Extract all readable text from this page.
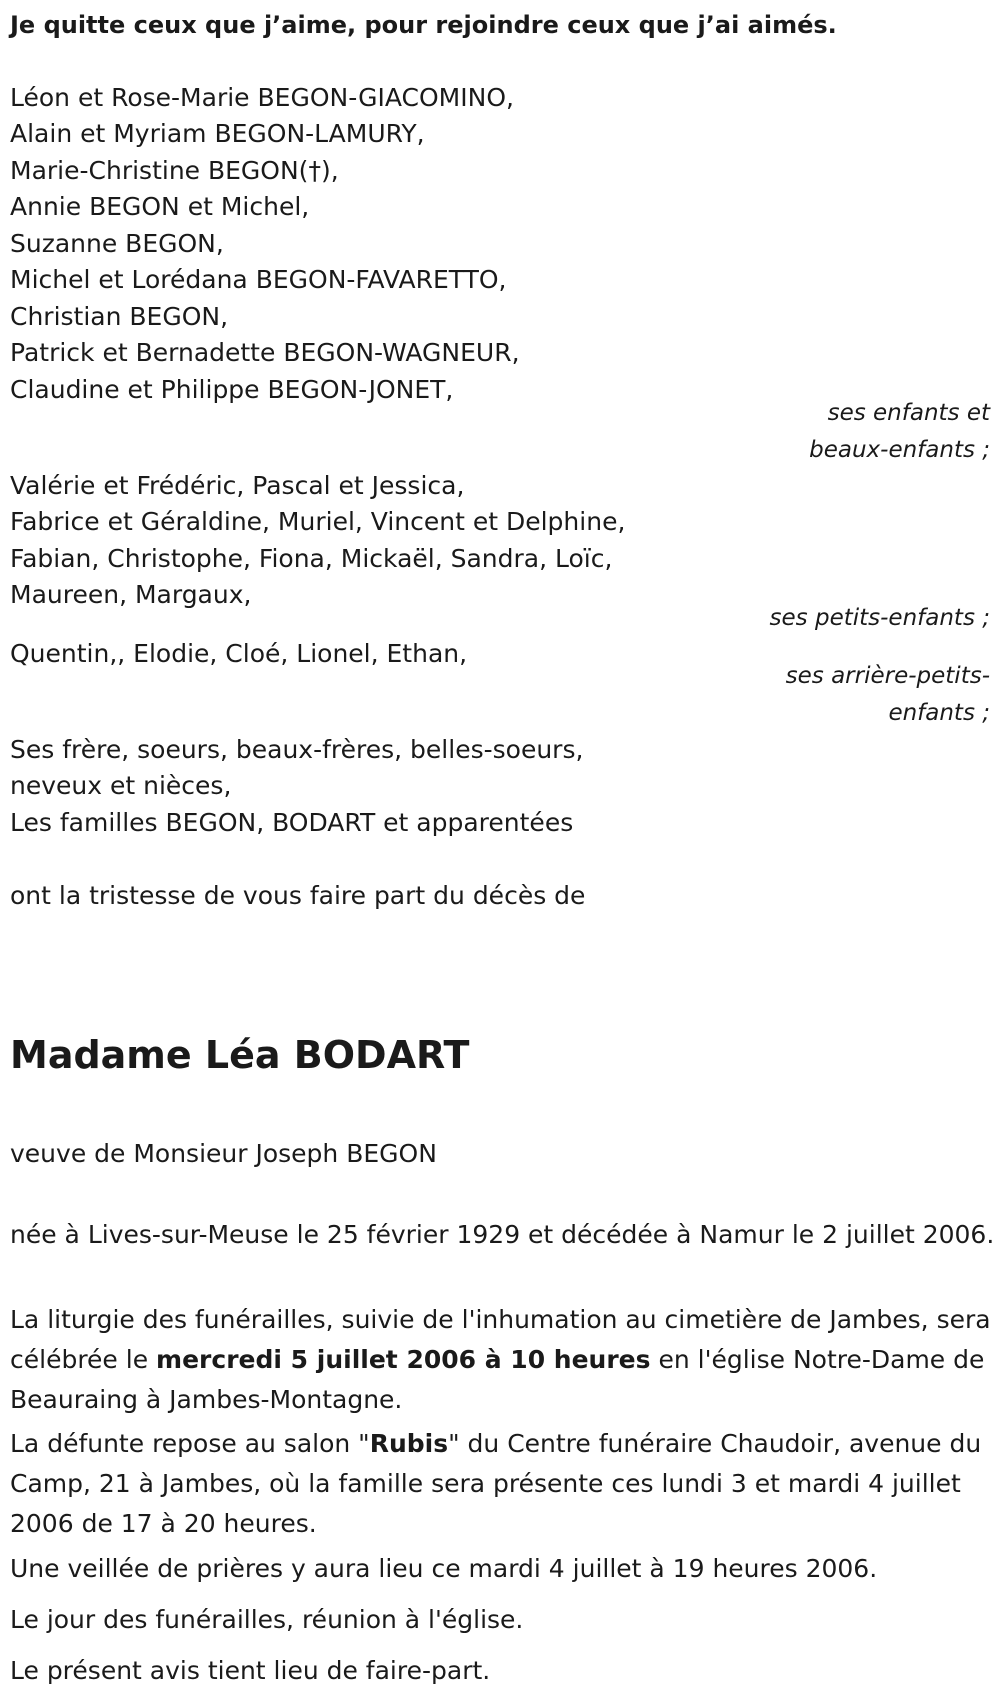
Je quitte ceux que j’aime, pour rejoindre ceux que j’ai aimés.
Léon et Rose-Marie BEGON-GIACOMINO,
Alain et Myriam BEGON-LAMURY,
Marie-Christine BEGON(†),
Annie BEGON et Michel,
Suzanne BEGON,
Michel et Lorédana BEGON-FAVARETTO,
Christian BEGON,
Patrick et Bernadette BEGON-WAGNEUR,
Claudine et Philippe BEGON-JONET,
ses enfants et
beaux-enfants ;
Valérie et Frédéric, Pascal et Jessica,
Fabrice et Géraldine, Muriel, Vincent et Delphine,
Fabian, Christophe, Fiona, Mickaël, Sandra, Loïc,
Maureen, Margaux,
ses petits-enfants ;
Quentin,, Elodie, Cloé, Lionel, Ethan,
ses arrière-petits-
enfants ;
Ses frère, soeurs, beaux-frères, belles-soeurs,
neveux et nièces,
Les familles BEGON, BODART et apparentées
ont la tristesse de vous faire part du décès de
Madame Léa BODART
veuve de Monsieur Joseph BEGON
née à Lives-sur-Meuse le 25 février 1929 et décédée à Namur le 2 juillet 2006.
La liturgie des funérailles, suivie de l'inhumation au cimetière de Jambes, sera célébrée le mercredi 5 juillet 2006 à 10 heures en l'église Notre-Dame de Beauraing à Jambes-Montagne.
La défunte repose au salon "Rubis" du Centre funéraire Chaudoir, avenue du Camp, 21 à Jambes, où la famille sera présente ces lundi 3 et mardi 4 juillet 2006 de 17 à 20 heures.
Une veillée de prières y aura lieu ce mardi 4 juillet à 19 heures 2006.
Le jour des funérailles, réunion à l'église.
Le présent avis tient lieu de faire-part.
